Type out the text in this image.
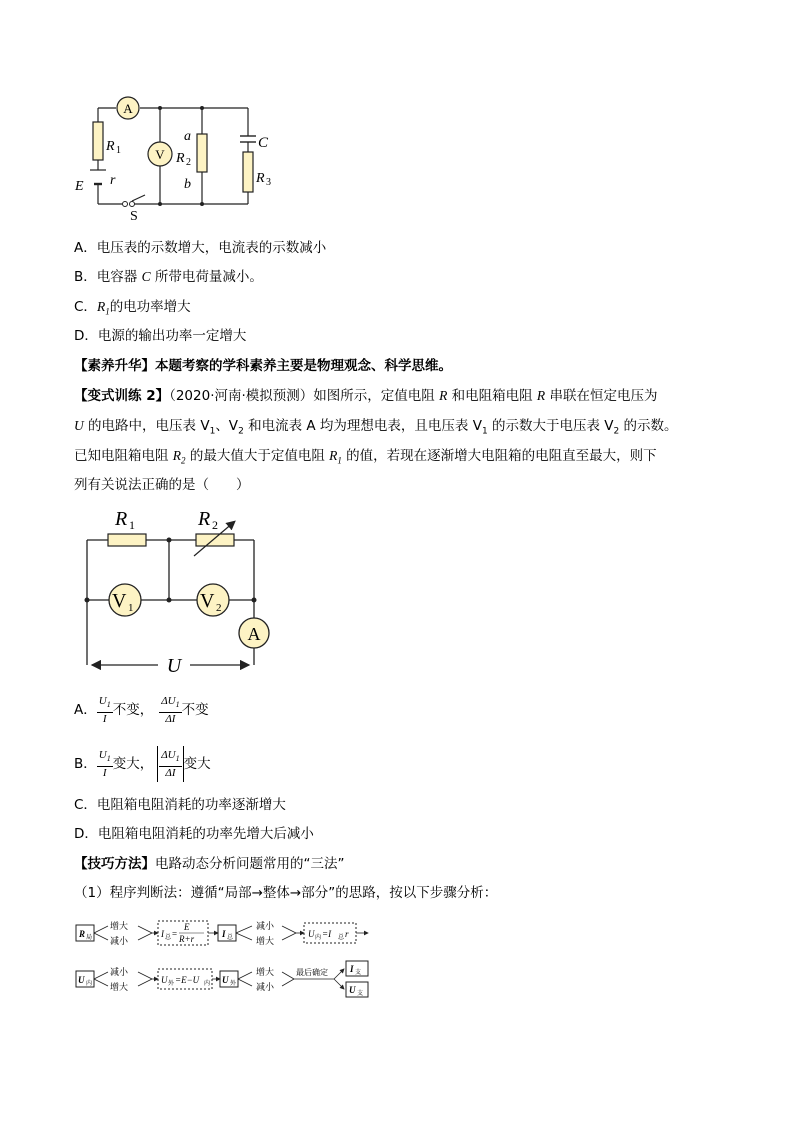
A
V
R 1
E r
S
a
R 2
b
C
R 3
A．电压表的示数增大，电流表的示数减小
B．电容器 C 所带电荷量减小。
C．$R_1$的电功率增大
D．电源的输出功率一定增大
【素养升华】本题考察的学科素养主要是物理观念、科学思维。
【变式训练 2】（2020·河南·模拟预测）如图所示，定值电阻 R 和电阻箱电阻 R 串联在恒定电压为
U 的电路中，电压表 $V_1$、$V_2$ 和电流表 A 均为理想电表，且电压表 $V_1$ 的示数大于电压表 $V_2$ 的示数。
已知电阻箱电阻 $R_2$ 的最大值大于定值电阻 $R_1$ 的值，若现在逐渐增大电阻箱的电阻直至最大，则下
列有关说法正确的是（　　）
R 1	R 2
V 1	V 2
A
U
A． $\frac{U_1}{I}$ 不变， $\frac{\Delta U_1}{\Delta I}$ 不变
B． $\frac{U_1}{I}$ 变大， $\frac{\Delta U_1}{\Delta I}$ 变大
C．电阻箱电阻消耗的功率逐渐增大
D．电阻箱电阻消耗的功率先增大后减小
【技巧方法】电路动态分析问题常用的“三法”
（1）程序判断法：遵循“局部→整体→部分”的思路，按以下步骤分析：
R 局
增大
减小
I 总 =
E
R+r	I 总
减小
增大
U 内 =I 总 r
U 内
减小
增大
U 外 =E−U 内 U 外
增大
减小
最后确定 I 支
U 支
